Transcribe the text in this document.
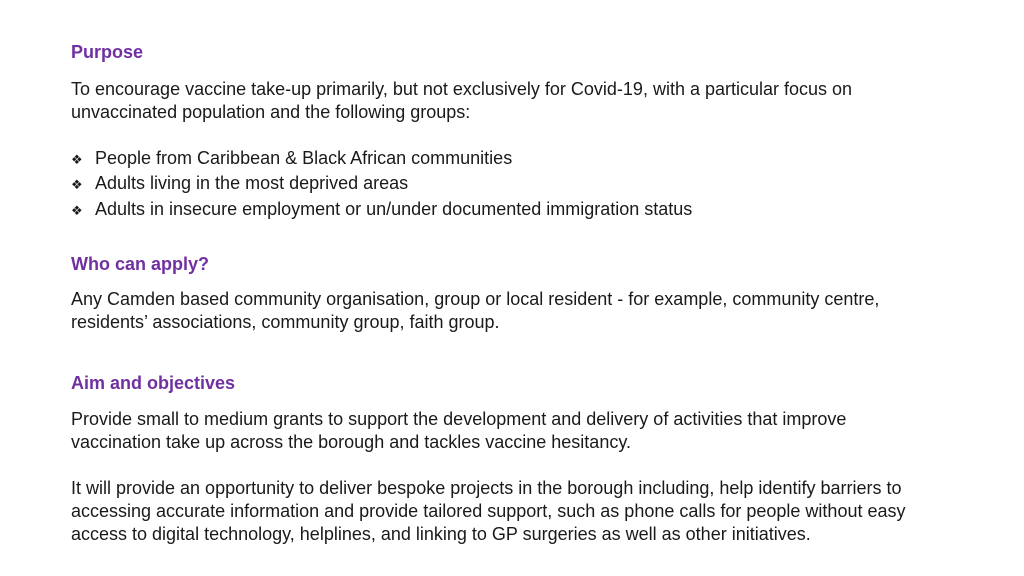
Purpose
To encourage vaccine take-up primarily, but not exclusively for Covid-19, with a particular focus on unvaccinated population and the following groups:
❖ People from Caribbean & Black African communities
❖ Adults living in the most deprived areas
❖ Adults in insecure employment or un/under documented immigration status
Who can apply?
Any Camden based community organisation, group or local resident - for example, community centre, residents’ associations, community group, faith group.
Aim and objectives
Provide small to medium grants to support the development and delivery of activities that improve vaccination take up across the borough and tackles vaccine hesitancy.
It will provide an opportunity to deliver bespoke projects in the borough including, help identify barriers to accessing accurate information and provide tailored support, such as phone calls for people without easy access to digital technology, helplines, and linking to GP surgeries as well as other initiatives.
